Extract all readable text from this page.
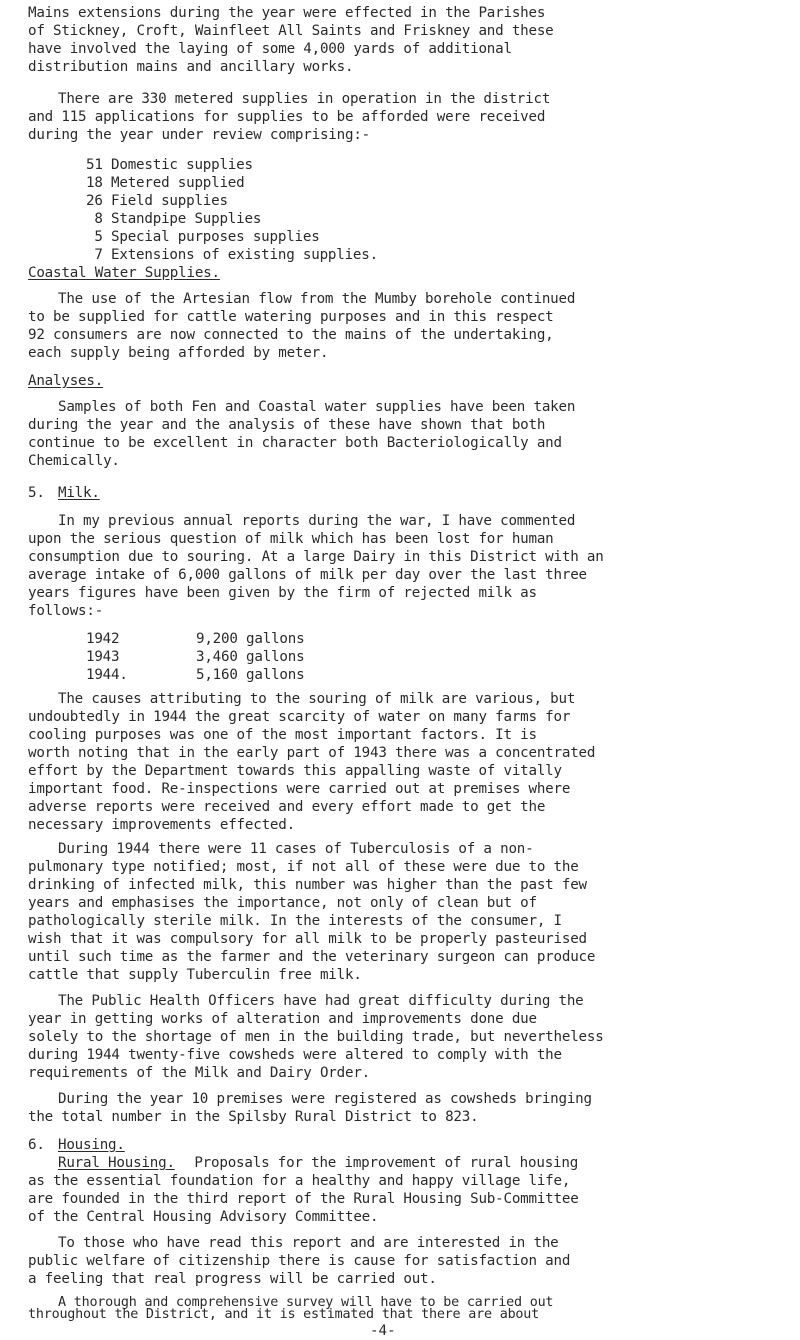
Mains extensions during the year were effected in the Parishes
of Stickney, Croft, Wainfleet All Saints and Friskney and these
have involved the laying of some 4,000 yards of additional
distribution mains and ancillary works.
There are 330 metered supplies in operation in the district
and 115 applications for supplies to be afforded were received
during the year under review comprising:-
51 Domestic supplies
18 Metered supplied
26 Field supplies
8 Standpipe Supplies
5 Special purposes supplies
7 Extensions of existing supplies.
Coastal Water Supplies.
The use of the Artesian flow from the Mumby borehole continued
to be supplied for cattle watering purposes and in this respect
92 consumers are now connected to the mains of the undertaking,
each supply being afforded by meter.
Analyses.
Samples of both Fen and Coastal water supplies have been taken
during the year and the analysis of these have shown that both
continue to be excellent in character both Bacteriologically and
Chemically.
5. Milk.
In my previous annual reports during the war, I have commented
upon the serious question of milk which has been lost for human
consumption due to souring. At a large Dairy in this District with an
average intake of 6,000 gallons of milk per day over the last three
years figures have been given by the firm of rejected milk as
follows:-
1942	9,200 gallons
1943	3,460 gallons
1944.	5,160 gallons
The causes attributing to the souring of milk are various, but
undoubtedly in 1944 the great scarcity of water on many farms for
cooling purposes was one of the most important factors. It is
worth noting that in the early part of 1943 there was a concentrated
effort by the Department towards this appalling waste of vitally
important food. Re-inspections were carried out at premises where
adverse reports were received and every effort made to get the
necessary improvements effected.
During 1944 there were 11 cases of Tuberculosis of a non-
pulmonary type notified; most, if not all of these were due to the
drinking of infected milk, this number was higher than the past few
years and emphasises the importance, not only of clean but of
pathologically sterile milk. In the interests of the consumer, I
wish that it was compulsory for all milk to be properly pasteurised
until such time as the farmer and the veterinary surgeon can produce
cattle that supply Tuberculin free milk.
The Public Health Officers have had great difficulty during the
year in getting works of alteration and improvements done due
solely to the shortage of men in the building trade, but nevertheless
during 1944 twenty-five cowsheds were altered to comply with the
requirements of the Milk and Dairy Order.
During the year 10 premises were registered as cowsheds bringing
the total number in the Spilsby Rural District to 823.
6. Housing.
Rural Housing. Proposals for the improvement of rural housing
as the essential foundation for a healthy and happy village life,
are founded in the third report of the Rural Housing Sub-Committee
of the Central Housing Advisory Committee.
To those who have read this report and are interested in the
public welfare of citizenship there is cause for satisfaction and
a feeling that real progress will be carried out.
A thorough and comprehensive survey will have to be carried out
throughout the District, and it is estimated that there are about
-4-
